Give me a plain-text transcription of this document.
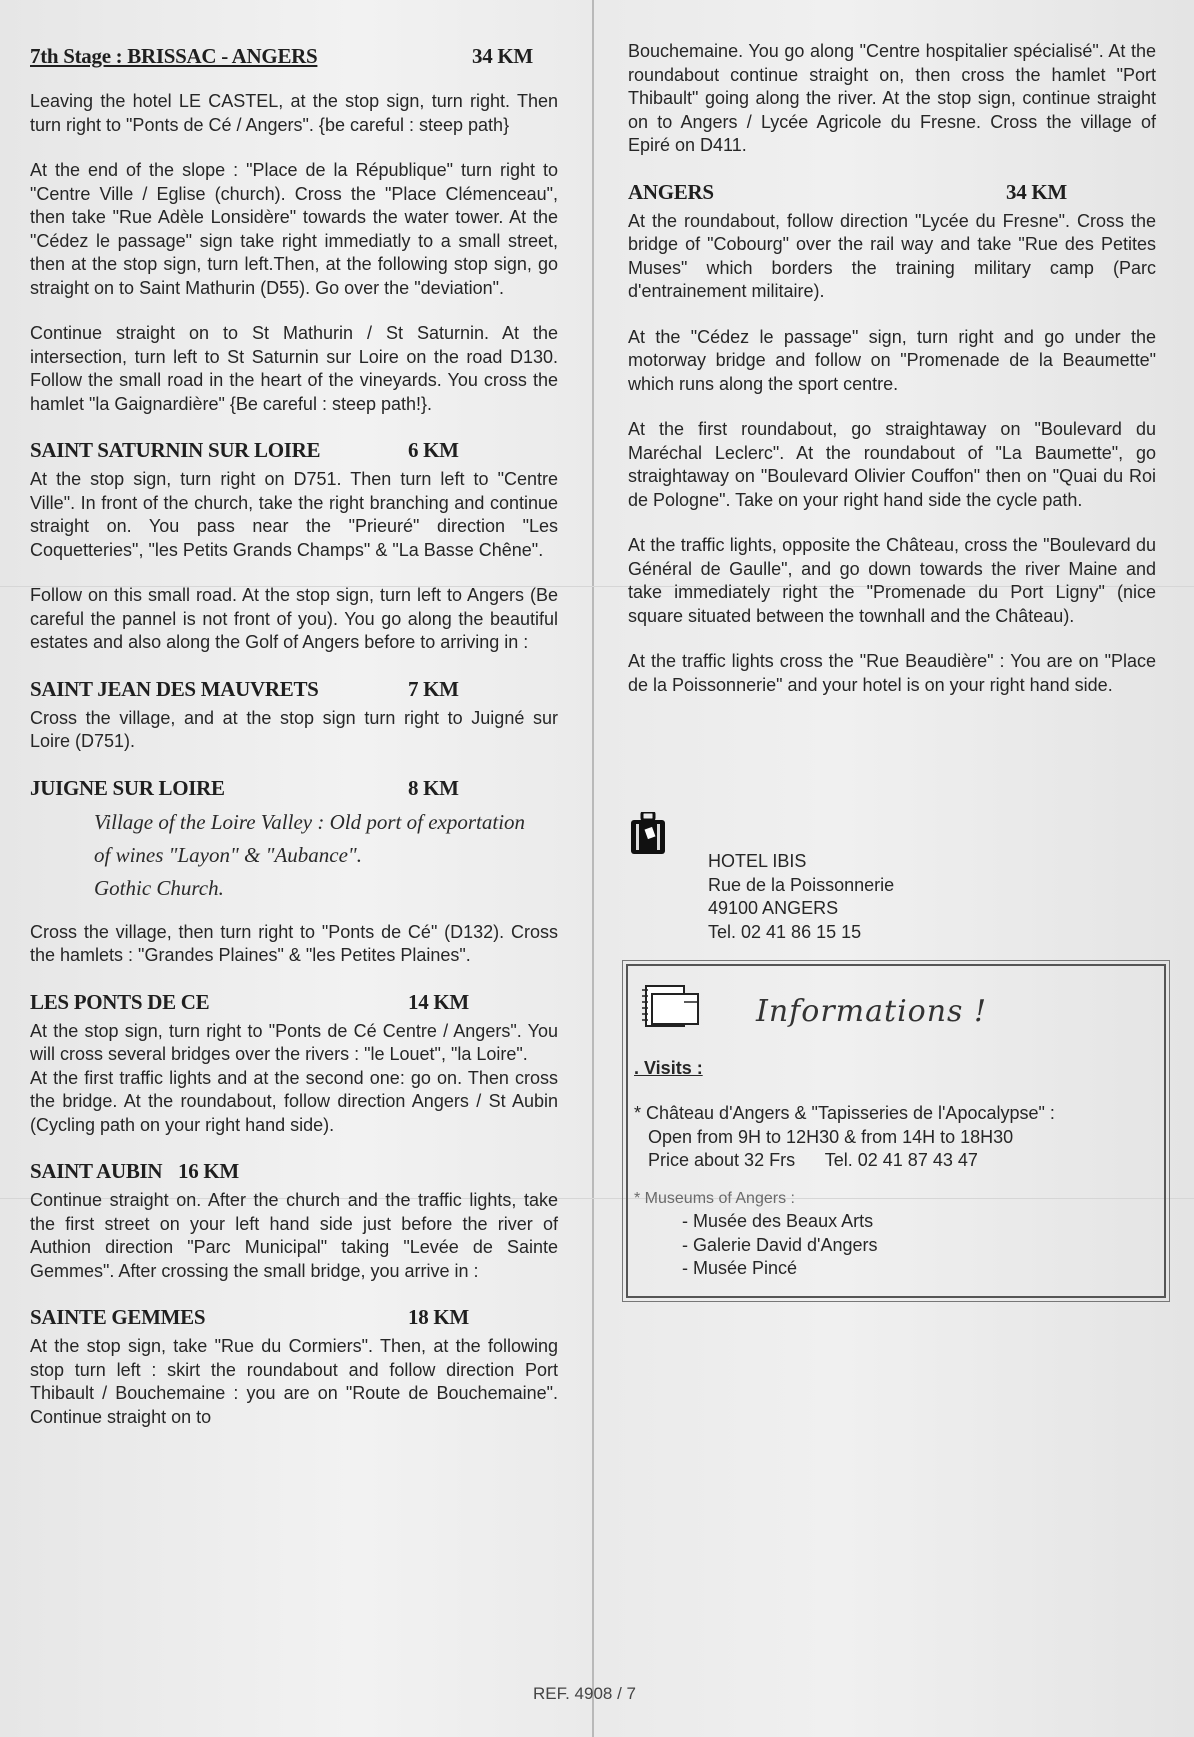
7th Stage : BRISSAC - ANGERS	34 KM

Leaving the hotel LE CASTEL, at the stop sign, turn right. Then turn right to "Ponts de Cé / Angers". {be careful : steep path}

At the end of the slope : "Place de la République" turn right to "Centre Ville / Eglise (church). Cross the "Place Clémenceau", then take "Rue Adèle Lonsidère" towards the water tower. At the "Cédez le passage" sign take right immediatly to a small street, then at the stop sign, turn left.Then, at the following stop sign, go straight on to Saint Mathurin (D55). Go over the "deviation".

Continue straight on to St Mathurin / St Saturnin. At the intersection, turn left to St Saturnin sur Loire on the road D130. Follow the small road in the heart of the vineyards. You cross the hamlet "la Gaignardière" {Be careful : steep path!}.

SAINT SATURNIN SUR LOIRE	6 KM

At the stop sign, turn right on D751. Then turn left to "Centre Ville". In front of the church, take the right branching and continue straight on. You pass near the "Prieuré" direction "Les Coquetteries", "les Petits Grands Champs" & "La Basse Chêne".

Follow on this small road. At the stop sign, turn left to Angers (Be careful the pannel is not front of you). You go along the beautiful estates and also along the Golf of Angers before to arriving in :

SAINT JEAN DES MAUVRETS	7 KM

Cross the village, and at the stop sign turn right to Juigné sur Loire (D751).

JUIGNE SUR LOIRE	8 KM

Village of the Loire Valley : Old port of exportation

of wines "Layon" & "Aubance".

Gothic Church.

Cross the village, then turn right to "Ponts de Cé" (D132). Cross the hamlets : "Grandes Plaines" & "les Petites Plaines".

LES PONTS DE CE	14 KM

At the stop sign, turn right to "Ponts de Cé Centre / Angers". You will cross several bridges over the rivers : "le Louet", "la Loire".

At the first traffic lights and at the second one: go on. Then cross the bridge. At the roundabout, follow direction Angers / St Aubin (Cycling path on your right hand side).

SAINT AUBIN 16 KM

Continue straight on. After the church and the traffic lights, take the first street on your left hand side just before the river of Authion direction "Parc Municipal" taking "Levée de Sainte Gemmes". After crossing the small bridge, you arrive in :

SAINTE GEMMES	18 KM

At the stop sign, take "Rue du Cormiers". Then, at the following stop turn left : skirt the roundabout and follow direction Port Thibault / Bouchemaine : you are on "Route de Bouchemaine". Continue straight on to

Bouchemaine. You go along "Centre hospitalier spécialisé". At the roundabout continue straight on, then cross the hamlet "Port Thibault" going along the river. At the stop sign, continue straight on to Angers / Lycée Agricole du Fresne. Cross the village of Epiré on D411.

ANGERS	34 KM

At the roundabout, follow direction "Lycée du Fresne". Cross the bridge of "Cobourg" over the rail way and take "Rue des Petites Muses" which borders the training military camp (Parc d'entrainement militaire).

At the "Cédez le passage" sign, turn right and go under the motorway bridge and follow on "Promenade de la Beaumette" which runs along the sport centre.

At the first roundabout, go straightaway on "Boulevard du Maréchal Leclerc". At the roundabout of "La Baumette", go straightaway on "Boulevard Olivier Couffon" then on "Quai du Roi de Pologne". Take on your right hand side the cycle path.

At the traffic lights, opposite the Château, cross the "Boulevard du Général de Gaulle", and go down towards the river Maine and take immediately right the "Promenade du Port Ligny" (nice square situated between the townhall and the Château).

At the traffic lights cross the "Rue Beaudière" : You are on "Place de la Poissonnerie" and your hotel is on your right hand side.

HOTEL IBIS
Rue de la Poissonnerie
49100 ANGERS
Tel. 02 41 86 15 15
Informations !
. Visits :
* Château d'Angers & "Tapisseries de l'Apocalypse" :
Open from 9H to 12H30 & from 14H to 18H30
Price about 32 Frs      Tel. 02 41 87 43 47
* Museums of Angers :
- Musée des Beaux Arts
- Galerie David d'Angers
- Musée Pincé
REF. 4908 / 7
